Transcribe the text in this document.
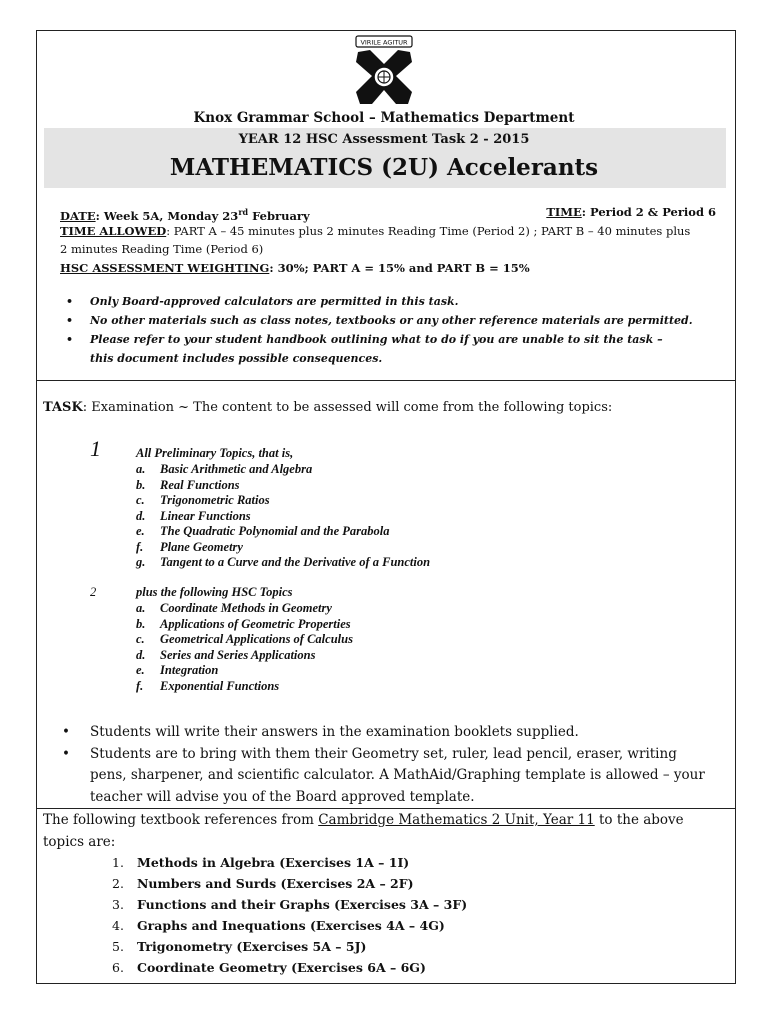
VIRILE AGITUR
Knox Grammar School – Mathematics Department
YEAR 12 HSC Assessment Task 2 - 2015
MATHEMATICS (2U) Accelerants
DATE: Week 5A, Monday 23rd February	TIME: Period 2 & Period 6
TIME ALLOWED: PART A – 45 minutes plus 2 minutes Reading Time (Period 2) ; PART B – 40 minutes plus
2 minutes Reading Time (Period 6)
HSC ASSESSMENT WEIGHTING: 30%; PART A = 15% and PART B = 15%
• Only Board-approved calculators are permitted in this task.
• No other materials such as class notes, textbooks or any other reference materials are permitted.
• Please refer to your student handbook outlining what to do if you are unable to sit the task –
this document includes possible consequences.
TASK: Examination ~ The content to be assessed will come from the following topics:
1	All Preliminary Topics, that is,
a. Basic Arithmetic and Algebra
b. Real Functions
c. Trigonometric Ratios
d. Linear Functions
e. The Quadratic Polynomial and the Parabola
f. Plane Geometry
g. Tangent to a Curve and the Derivative of a Function
2	plus the following HSC Topics
a. Coordinate Methods in Geometry
b. Applications of Geometric Properties
c. Geometrical Applications of Calculus
d. Series and Series Applications
e. Integration
f. Exponential Functions
• Students will write their answers in the examination booklets supplied.
• Students are to bring with them their Geometry set, ruler, lead pencil, eraser, writing pens, sharpener, and scientific calculator. A MathAid/Graphing template is allowed – your teacher will advise you of the Board approved template.
The following textbook references from Cambridge Mathematics 2 Unit, Year 11 to the above topics are:
1. Methods in Algebra (Exercises 1A – 1I)
2. Numbers and Surds (Exercises 2A – 2F)
3. Functions and their Graphs (Exercises 3A – 3F)
4. Graphs and Inequations (Exercises 4A – 4G)
5. Trigonometry (Exercises 5A – 5J)
6. Coordinate Geometry (Exercises 6A – 6G)
